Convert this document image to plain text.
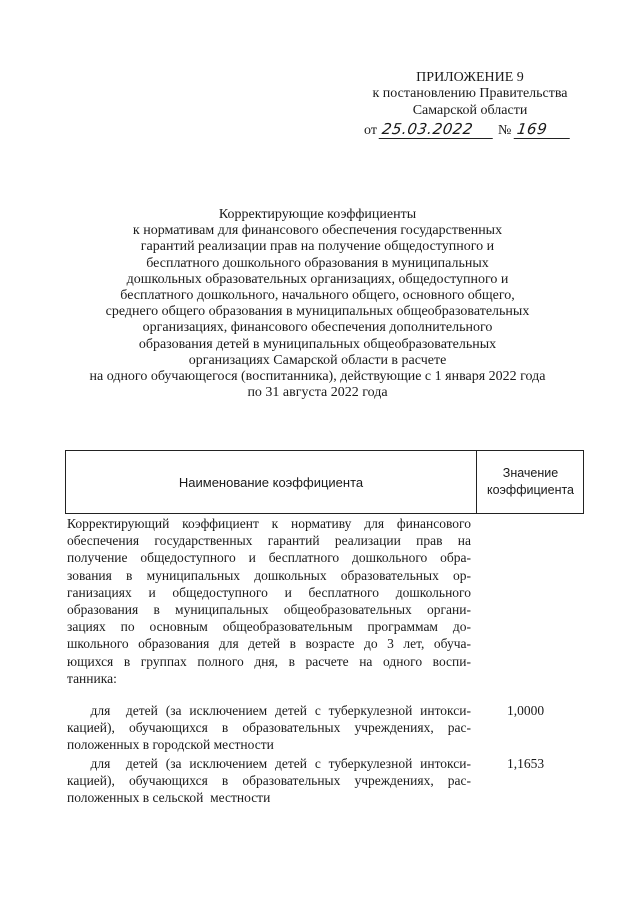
ПРИЛОЖЕНИЕ 9
к постановлению Правительства
Самарской области
от 25.03.2022 № 169
Корректирующие коэффициенты
к нормативам для финансового обеспечения государственных
гарантий реализации прав на получение общедоступного и
бесплатного дошкольного образования в муниципальных
дошкольных образовательных организациях, общедоступного и
бесплатного дошкольного, начального общего, основного общего,
среднего общего образования в муниципальных общеобразовательных
организациях, финансового обеспечения дополнительного
образования детей в муниципальных общеобразовательных
организациях Самарской области в расчете
на одного обучающегося (воспитанника), действующие с 1 января 2022 года
по 31 августа 2022 года
Наименование коэффициента
Значение
коэффициента
Корректирующий коэффициент к нормативу для финансового
обеспечения государственных гарантий реализации прав на
получение общедоступного и бесплатного дошкольного обра-
зования в муниципальных дошкольных образовательных ор-
ганизациях и общедоступного и бесплатного дошкольного
образования в муниципальных общеобразовательных органи-
зациях по основным общеобразовательным программам до-
школьного образования для детей в возрасте до 3 лет, обуча-
ющихся в группах полного дня, в расчете на одного воспи-
танника:
для  детей (за исключением детей с туберкулезной интокси-
кацией), обучающихся в образовательных учреждениях, рас-
положенных в городской местности
1,0000
для  детей (за исключением детей с туберкулезной интокси-
кацией), обучающихся в образовательных учреждениях, рас-
положенных в сельской  местности
1,1653
